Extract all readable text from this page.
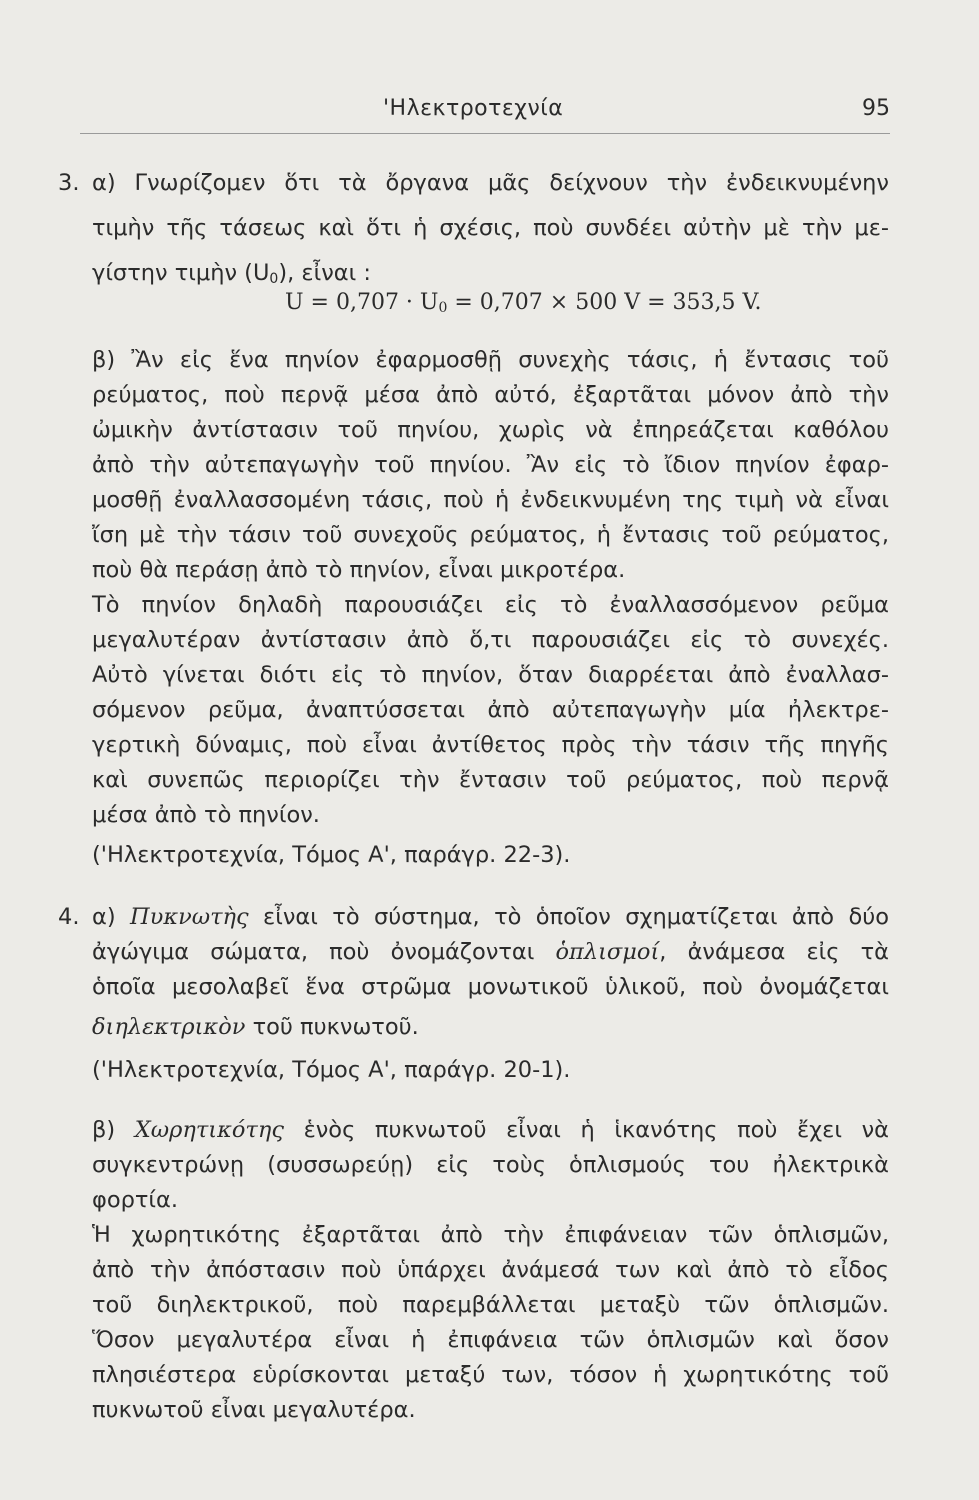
'Ηλεκτροτεχνία	95
3. α) Γνωρίζομεν ὅτι τὰ ὄργανα μᾶς δείχνουν τὴν ἐνδεικνυμένην
τιμὴν τῆς τάσεως καὶ ὅτι ἡ σχέσις, ποὺ συνδέει αὐτὴν μὲ τὴν με-
γίστην τιμὴν $(U_0)$, εἶναι :
$U = 0,707 \cdot U_0 = 0,707 \times 500$ V = 353,5 V.
β) Ἂν εἰς ἕνα πηνίον ἐφαρμοσθῇ συνεχὴς τάσις, ἡ ἔντασις τοῦ
ρεύματος, ποὺ περνᾷ μέσα ἀπὸ αὐτό, ἐξαρτᾶται μόνον ἀπὸ τὴν
ὠμικὴν ἀντίστασιν τοῦ πηνίου, χωρὶς νὰ ἐπηρεάζεται καθόλου
ἀπὸ τὴν αὐτεπαγωγὴν τοῦ πηνίου. Ἂν εἰς τὸ ἴδιον πηνίον ἐφαρ-
μοσθῇ ἐναλλασσομένη τάσις, ποὺ ἡ ἐνδεικνυμένη της τιμὴ νὰ εἶναι
ἴση μὲ τὴν τάσιν τοῦ συνεχοῦς ρεύματος, ἡ ἔντασις τοῦ ρεύματος,
ποὺ θὰ περάσῃ ἀπὸ τὸ πηνίον, εἶναι μικροτέρα.
Τὸ πηνίον δηλαδὴ παρουσιάζει εἰς τὸ ἐναλλασσόμενον ρεῦμα
μεγαλυτέραν ἀντίστασιν ἀπὸ ὅ,τι παρουσιάζει εἰς τὸ συνεχές.
Αὐτὸ γίνεται διότι εἰς τὸ πηνίον, ὅταν διαρρέεται ἀπὸ ἐναλλασ-
σόμενον ρεῦμα, ἀναπτύσσεται ἀπὸ αὐτεπαγωγὴν μία ἠλεκτρε-
γερτικὴ δύναμις, ποὺ εἶναι ἀντίθετος πρὸς τὴν τάσιν τῆς πηγῆς
καὶ συνεπῶς περιορίζει τὴν ἔντασιν τοῦ ρεύματος, ποὺ περνᾷ
μέσα ἀπὸ τὸ πηνίον.
('Ηλεκτροτεχνία, Τόμος Α', παράγρ. 22-3).
4. α) Πυκνωτὴς εἶναι τὸ σύστημα, τὸ ὁποῖον σχηματίζεται ἀπὸ δύο
ἀγώγιμα σώματα, ποὺ ὀνομάζονται ὁπλισμοί, ἀνάμεσα εἰς τὰ
ὁποῖα μεσολαβεῖ ἕνα στρῶμα μονωτικοῦ ὑλικοῦ, ποὺ ὀνομάζεται
διηλεκτρικὸν τοῦ πυκνωτοῦ.
('Ηλεκτροτεχνία, Τόμος Α', παράγρ. 20-1).
β) Χωρητικότης ἑνὸς πυκνωτοῦ εἶναι ἡ ἱκανότης ποὺ ἔχει νὰ
συγκεντρώνῃ (συσσωρεύῃ) εἰς τοὺς ὁπλισμούς του ἠλεκτρικὰ
φορτία.
Ἡ χωρητικότης ἐξαρτᾶται ἀπὸ τὴν ἐπιφάνειαν τῶν ὁπλισμῶν,
ἀπὸ τὴν ἀπόστασιν ποὺ ὑπάρχει ἀνάμεσά των καὶ ἀπὸ τὸ εἶδος
τοῦ διηλεκτρικοῦ, ποὺ παρεμβάλλεται μεταξὺ τῶν ὁπλισμῶν.
Ὅσον μεγαλυτέρα εἶναι ἡ ἐπιφάνεια τῶν ὁπλισμῶν καὶ ὅσον
πλησιέστερα εὑρίσκονται μεταξύ των, τόσον ἡ χωρητικότης τοῦ
πυκνωτοῦ εἶναι μεγαλυτέρα.
